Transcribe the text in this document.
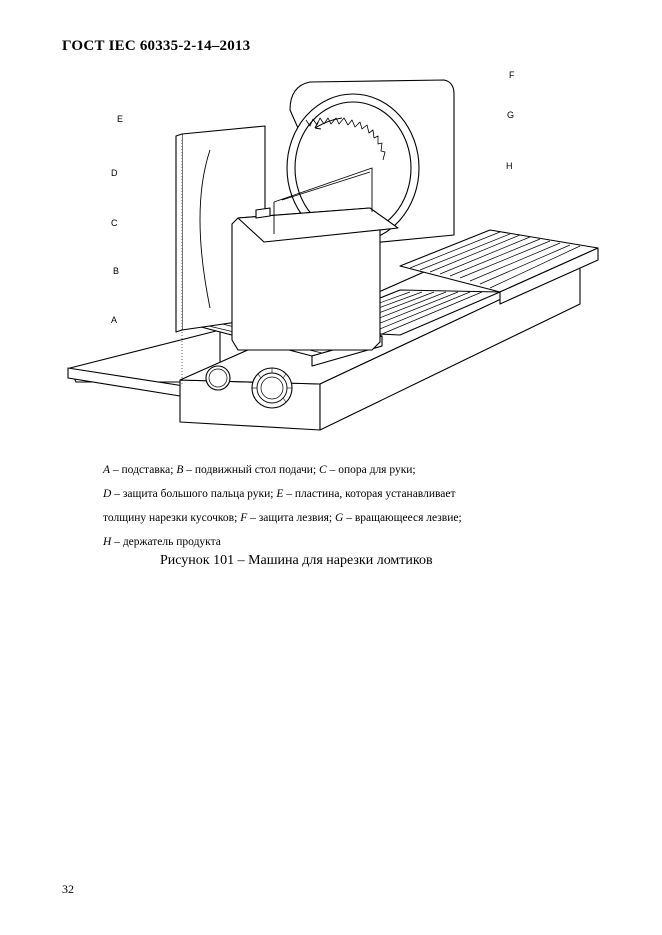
ГОСТ IEC 60335-2-14–2013
E
D
C
B
A
F
G
H
A – подставка; B – подвижный стол подачи; C – опора для руки;
D – защита большого пальца руки; E – пластина, которая устанавливает
толщину нарезки кусочков; F – защита лезвия; G – вращающееся лезвие;
H – держатель продукта
Рисунок 101 – Машина для нарезки ломтиков
32
